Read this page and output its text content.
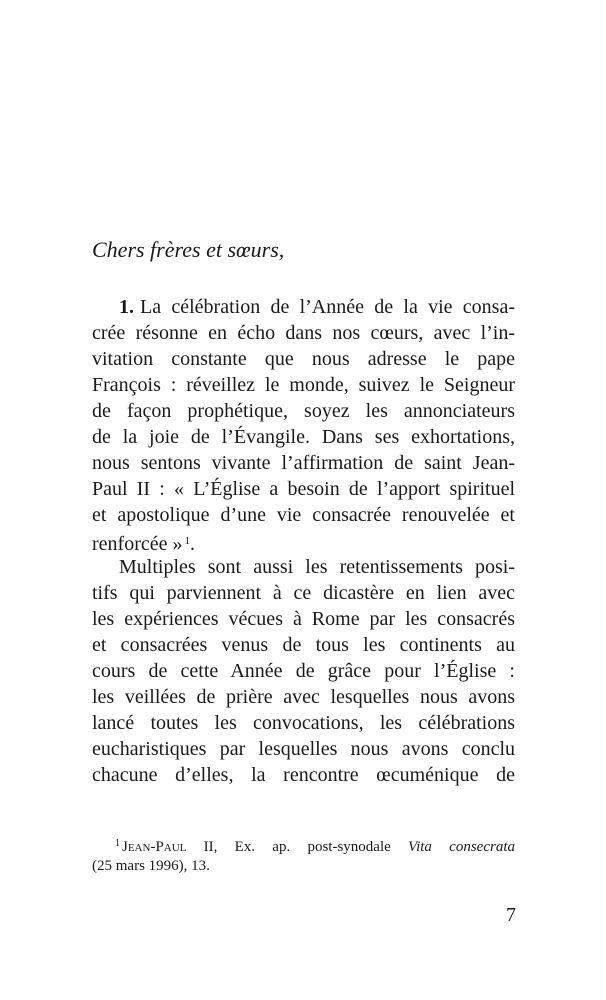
Chers frères et sœurs,

1. La célébration de l’Année de la vie consa-
crée résonne en écho dans nos cœurs, avec l’in-
vitation constante que nous adresse le pape
François : réveillez le monde, suivez le Seigneur
de façon prophétique, soyez les annonciateurs
de la joie de l’Évangile. Dans ses exhortations,
nous sentons vivante l’affirmation de saint Jean-
Paul II : « L’Église a besoin de l’apport spirituel
et apostolique d’une vie consacrée renouvelée et
renforcée » $^1$.
Multiples sont aussi les retentissements posi-
tifs qui parviennent à ce dicastère en lien avec
les expériences vécues à Rome par les consacrés
et consacrées venus de tous les continents au
cours de cette Année de grâce pour l’Église :
les veillées de prière avec lesquelles nous avons
lancé toutes les convocations, les célébrations
eucharistiques par lesquelles nous avons conclu
chacune d’elles, la rencontre œcuménique de
$^1$ Jean-Paul II, Ex. ap. post-synodale Vita consecrata
(25 mars 1996), 13.
7
